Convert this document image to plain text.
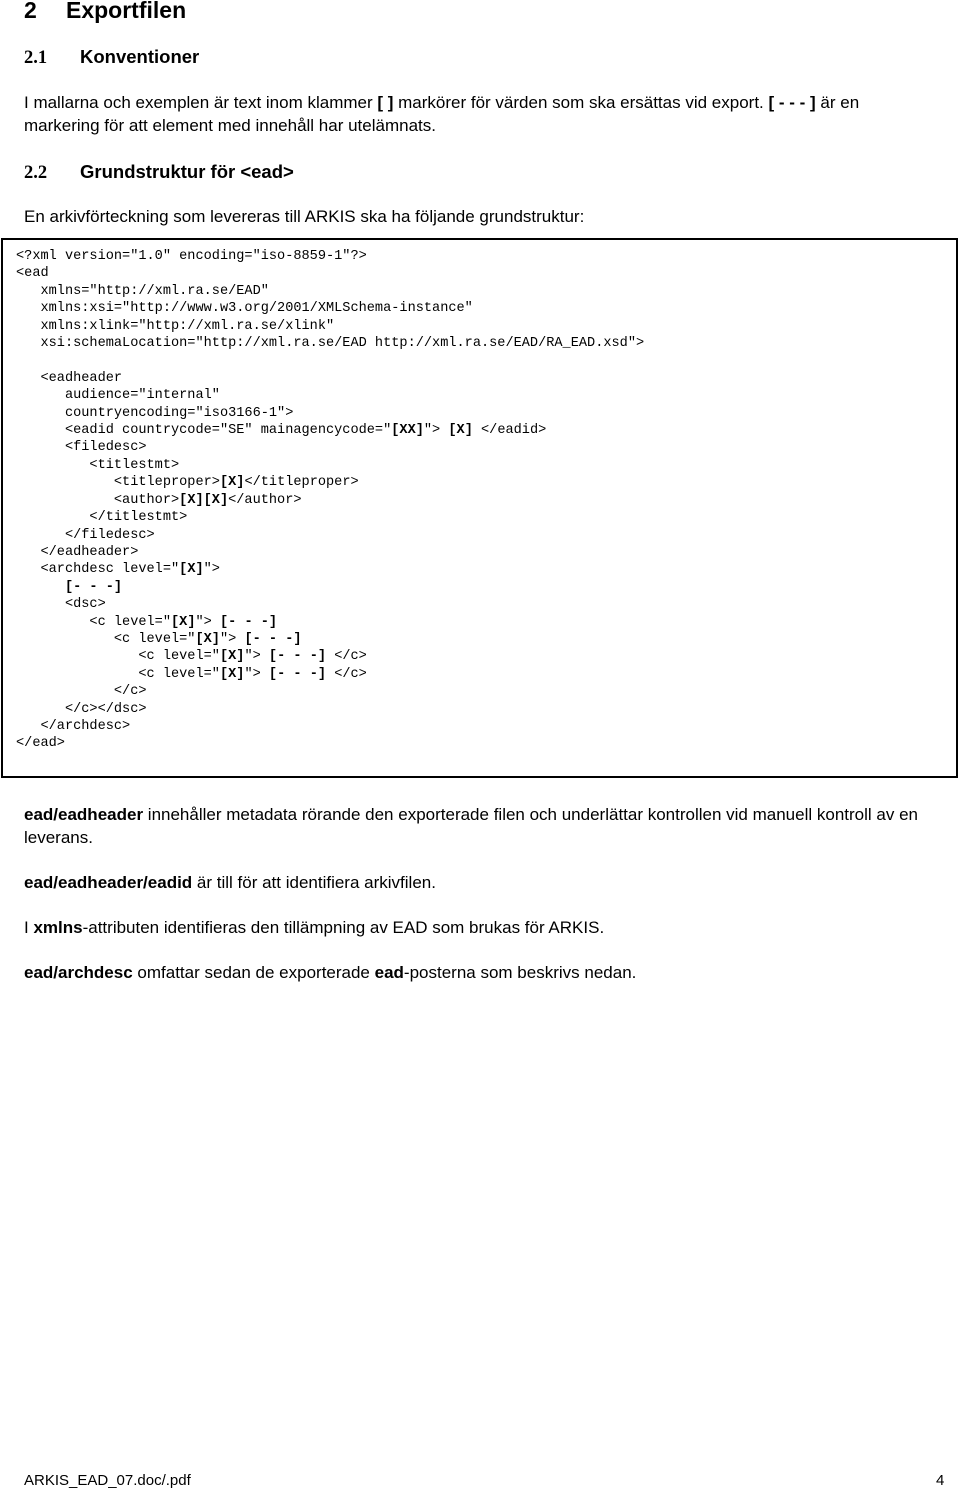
2 Exportfilen
2.1 Konventioner

I mallarna och exemplen är text inom klammer [ ] markörer för värden som ska ersättas vid export. [ - - - ] är en markering för att element med innehåll har utelämnats.

2.2 Grundstruktur för <ead>

En arkivförteckning som levereras till ARKIS ska ha följande grundstruktur:

<?xml version="1.0" encoding="iso-8859-1"?>
<ead
xmlns="http://xml.ra.se/EAD"
xmlns:xsi="http://www.w3.org/2001/XMLSchema-instance"
xmlns:xlink="http://xml.ra.se/xlink"
xsi:schemaLocation="http://xml.ra.se/EAD http://xml.ra.se/EAD/RA_EAD.xsd">

<eadheader
audience="internal"
countryencoding="iso3166-1">
<eadid countrycode="SE" mainagencycode="[XX]"> [X] </eadid>
<filedesc>
<titlestmt>
<titleproper>[X]</titleproper>
<author>[X][X]</author>
</titlestmt>
</filedesc>
</eadheader>
<archdesc level="[X]">
[- - -]
<dsc>
<c level="[X]"> [- - -]
<c level="[X]"> [- - -]
<c level="[X]"> [- - -] </c>
<c level="[X]"> [- - -] </c>
</c>
</c></dsc>
</archdesc>
</ead>

ead/eadheader innehåller metadata rörande den exporterade filen och underlättar kontrollen vid manuell kontroll av en leverans.

ead/eadheader/eadid är till för att identifiera arkivfilen.

I xmlns-attributen identifieras den tillämpning av EAD som brukas för ARKIS.

ead/archdesc omfattar sedan de exporterade ead-posterna som beskrivs nedan.

ARKIS_EAD_07.doc/.pdf	4
